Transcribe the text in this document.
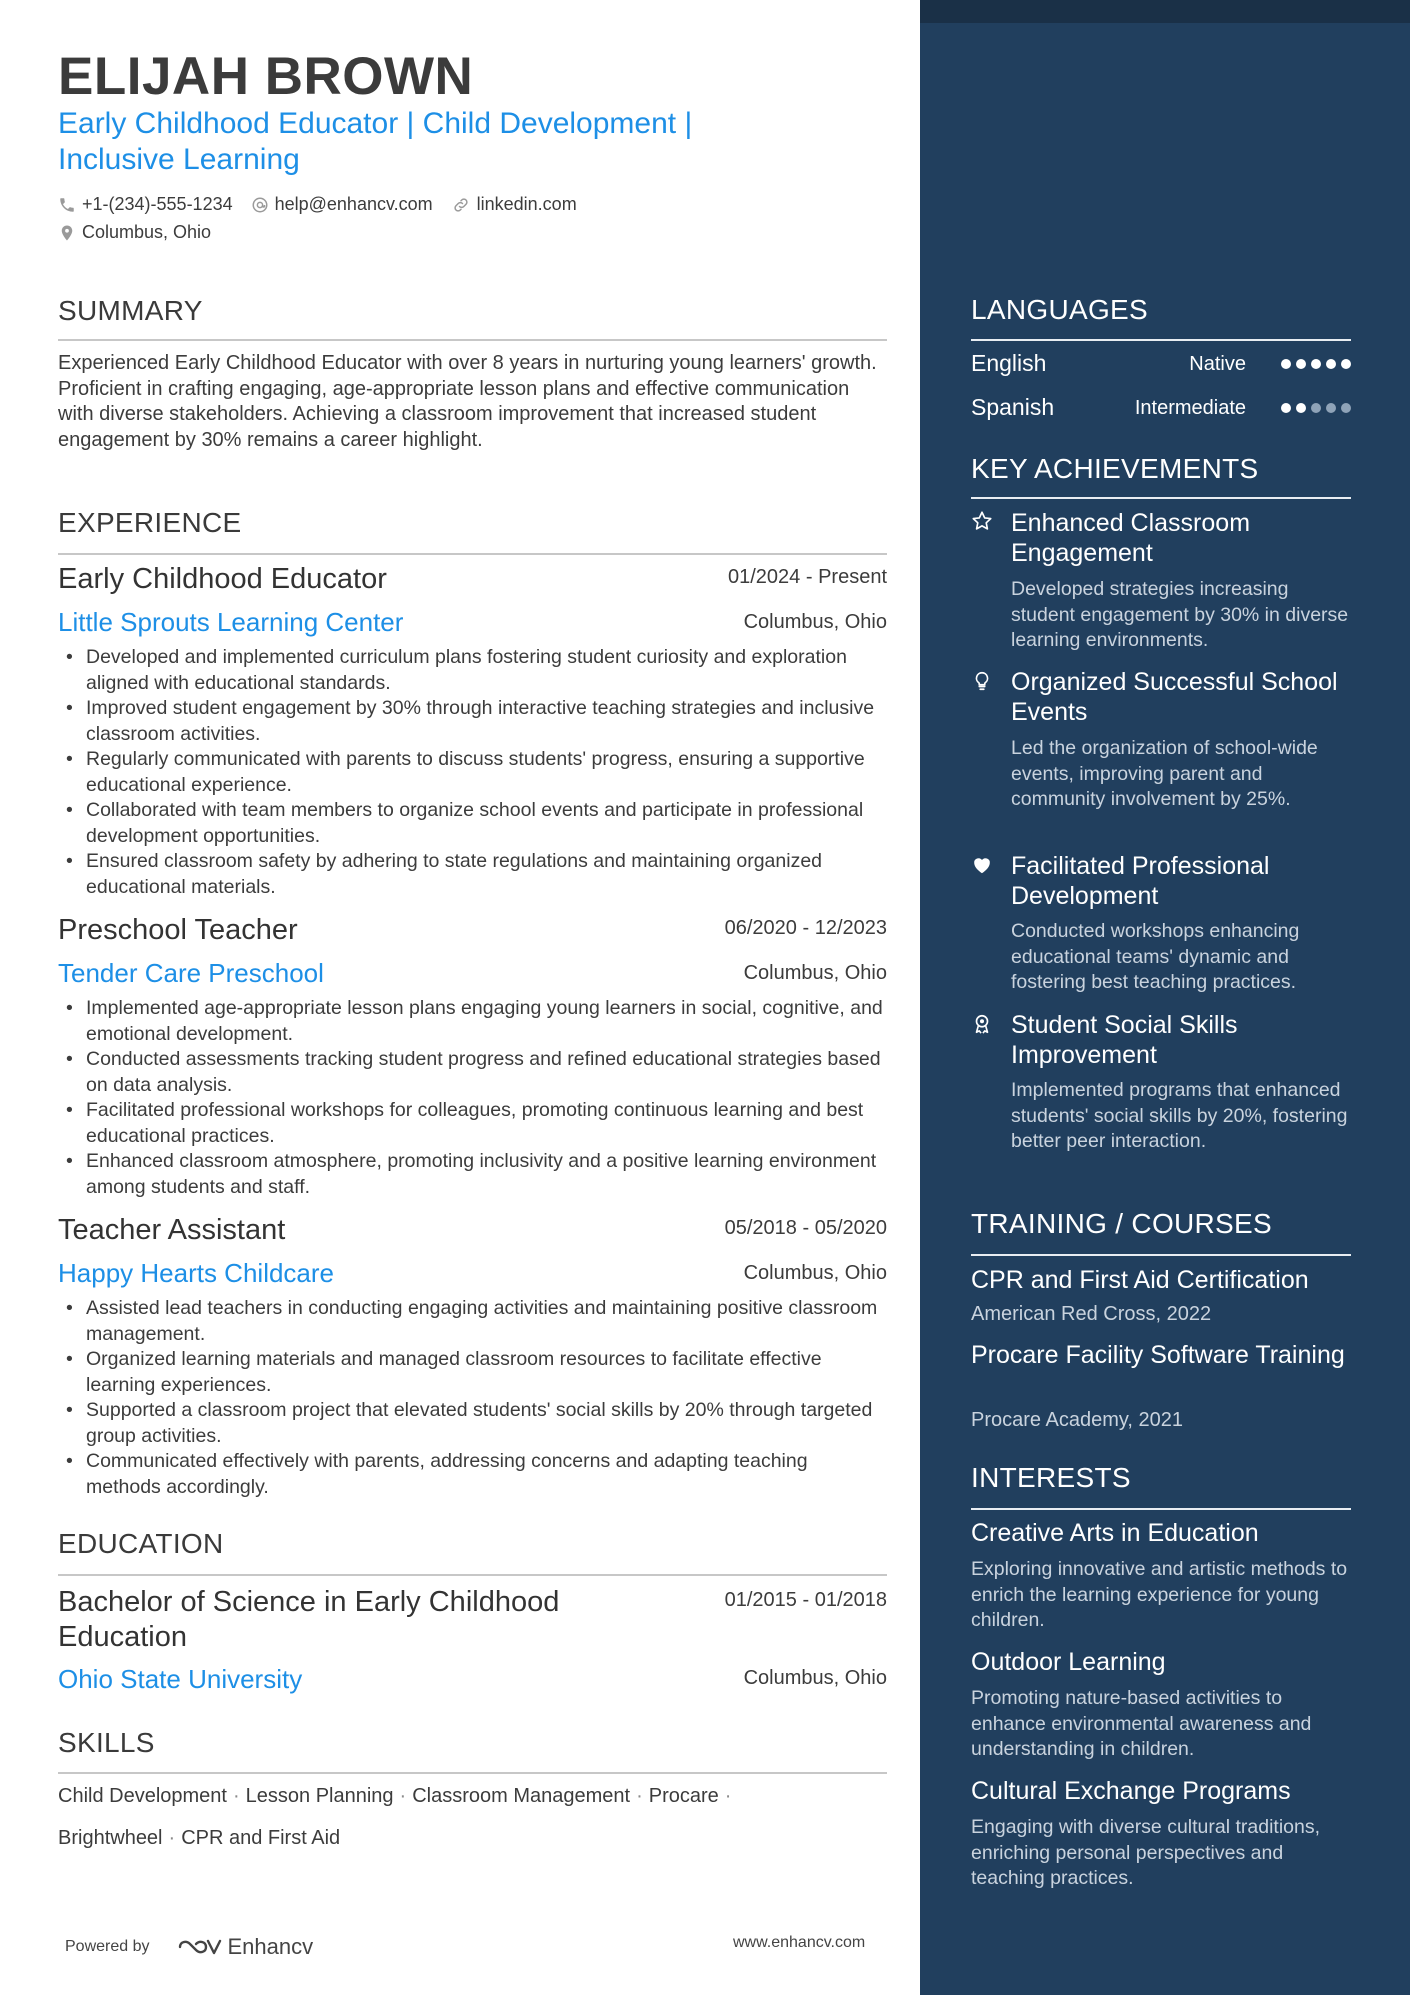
ELIJAH BROWN
Early Childhood Educator | Child Development | Inclusive Learning
+1-(234)-555-1234 help@enhancv.com linkedin.com
Columbus, Ohio
SUMMARY
Experienced Early Childhood Educator with over 8 years in nurturing young learners' growth. Proficient in crafting engaging, age-appropriate lesson plans and effective communication with diverse stakeholders. Achieving a classroom improvement that increased student engagement by 30% remains a career highlight.
EXPERIENCE
Early Childhood Educator	01/2024 - Present
Little Sprouts Learning Center	Columbus, Ohio
• Developed and implemented curriculum plans fostering student curiosity and exploration aligned with educational standards.
• Improved student engagement by 30% through interactive teaching strategies and inclusive classroom activities.
• Regularly communicated with parents to discuss students' progress, ensuring a supportive educational experience.
• Collaborated with team members to organize school events and participate in professional development opportunities.
• Ensured classroom safety by adhering to state regulations and maintaining organized educational materials.
Preschool Teacher	06/2020 - 12/2023
Tender Care Preschool	Columbus, Ohio
• Implemented age-appropriate lesson plans engaging young learners in social, cognitive, and emotional development.
• Conducted assessments tracking student progress and refined educational strategies based on data analysis.
• Facilitated professional workshops for colleagues, promoting continuous learning and best educational practices.
• Enhanced classroom atmosphere, promoting inclusivity and a positive learning environment among students and staff.
Teacher Assistant	05/2018 - 05/2020
Happy Hearts Childcare	Columbus, Ohio
• Assisted lead teachers in conducting engaging activities and maintaining positive classroom management.
• Organized learning materials and managed classroom resources to facilitate effective learning experiences.
• Supported a classroom project that elevated students' social skills by 20% through targeted group activities.
• Communicated effectively with parents, addressing concerns and adapting teaching methods accordingly.
EDUCATION
Bachelor of Science in Early Childhood Education
01/2015 - 01/2018
Ohio State University	Columbus, Ohio
SKILLS
Child Development · Lesson Planning · Classroom Management · Procare ·
Brightwheel · CPR and First Aid
Powered by	Enhancv	www.enhancv.com
LANGUAGES
English	Native
Spanish	Intermediate
KEY ACHIEVEMENTS
Enhanced Classroom Engagement
Developed strategies increasing student engagement by 30% in diverse learning environments.
Organized Successful School Events
Led the organization of school-wide events, improving parent and community involvement by 25%.
Facilitated Professional Development
Conducted workshops enhancing educational teams' dynamic and fostering best teaching practices.
Student Social Skills Improvement
Implemented programs that enhanced students' social skills by 20%, fostering better peer interaction.
TRAINING / COURSES
CPR and First Aid Certification
American Red Cross, 2022
Procare Facility Software Training
Procare Academy, 2021
INTERESTS
Creative Arts in Education
Exploring innovative and artistic methods to enrich the learning experience for young children.
Outdoor Learning
Promoting nature-based activities to enhance environmental awareness and understanding in children.
Cultural Exchange Programs
Engaging with diverse cultural traditions, enriching personal perspectives and teaching practices.
